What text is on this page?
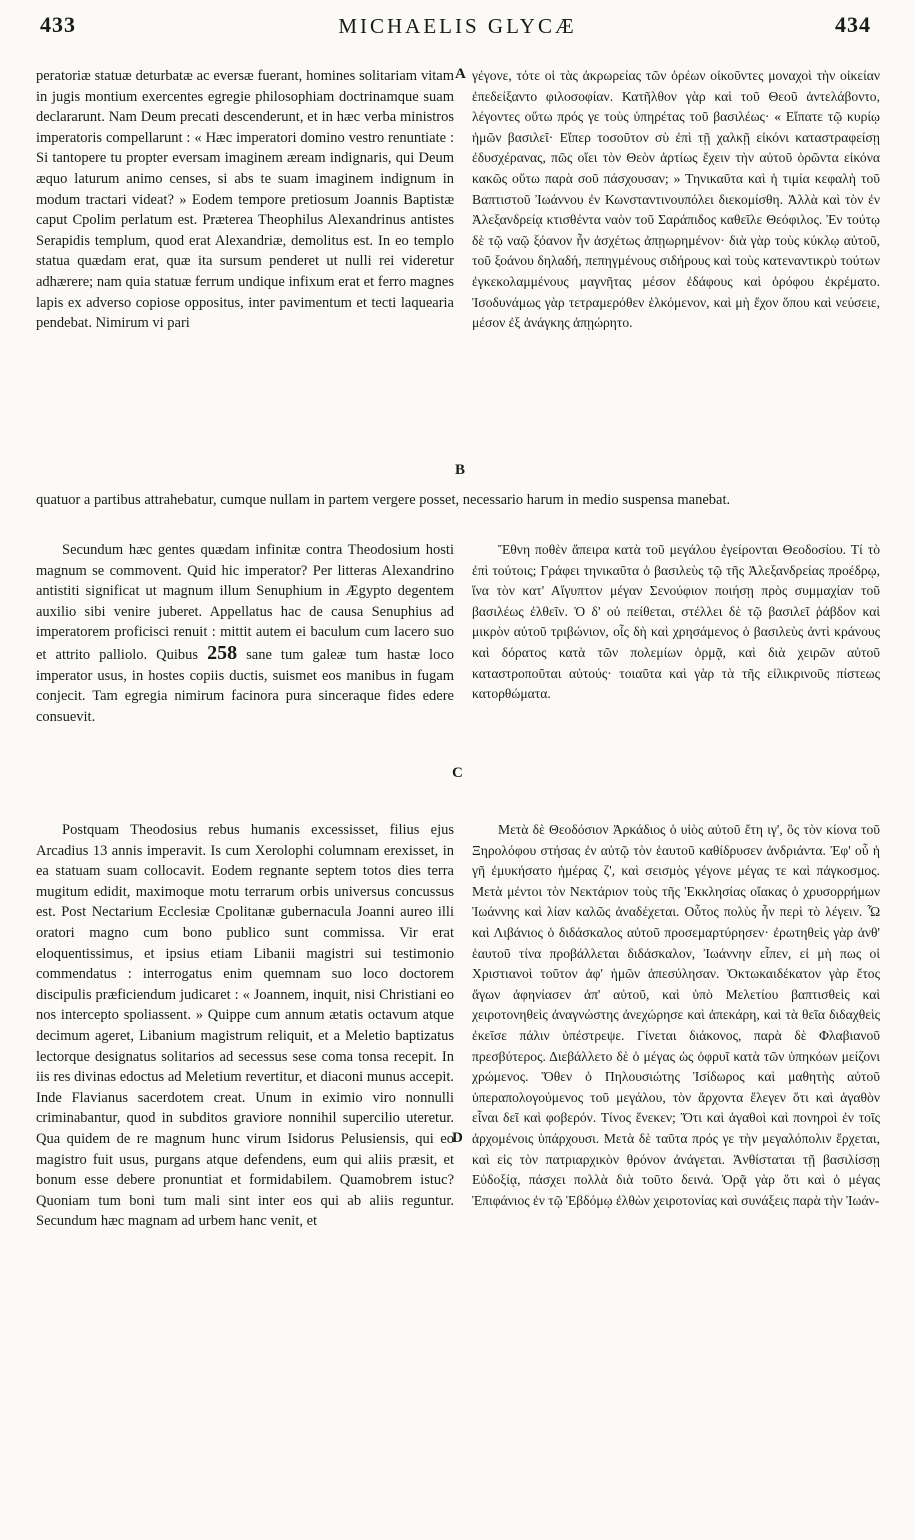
433	MICHAELIS GLYCÆ	434
A
B
C
D

peratoriæ statuæ deturbatæ ac eversæ fuerant, homines solitariam vitam in jugis montium exercentes egregie philosophiam doctrinamque suam declararunt. Nam Deum precati descenderunt, et in hæc verba ministros imperatoris compellarunt : « Hæc imperatori domino vestro renuntiate : Si tantopere tu propter eversam imaginem æream indignaris, qui Deum æquo laturum animo censes, si abs te suam imaginem indignum in modum tractari videat? » Eodem tempore pretiosum Joannis Baptistæ caput Cpolim perlatum est. Præterea Theophilus Alexandrinus antistes Serapidis templum, quod erat Alexandriæ, demolitus est. In eo templo statua quædam erat, quæ ita sursum penderet ut nulli rei videretur adhærere; nam quia statuæ ferrum undique infixum erat et ferro magnes lapis ex adverso copiose oppositus, inter pavimentum et tecti laquearia pendebat. Nimirum vi pari

γέγονε, τότε οἱ τὰς ἀκρωρείας τῶν ὀρέων οἰκοῦντες μοναχοὶ τὴν οἰκείαν ἐπεδείξαντο φιλοσοφίαν. Κατῆλθον γὰρ καὶ τοῦ Θεοῦ ἀντελάβοντο, λέγοντες οὕτω πρός γε τοὺς ὑπηρέτας τοῦ βασιλέως· « Εἴπατε τῷ κυρίῳ ἡμῶν βασιλεῖ· Εἴπερ τοσοῦτον σὺ ἐπὶ τῇ χαλκῇ εἰκόνι καταστραφείσῃ ἐδυσχέρανας, πῶς οἴει τὸν Θεὸν ἀρτίως ἔχειν τὴν αὐτοῦ ὁρῶντα εἰκόνα κακῶς οὕτω παρὰ σοῦ πάσχουσαν; » Τηνικαῦτα καὶ ἡ τιμία κεφαλὴ τοῦ Βαπτιστοῦ Ἰωάννου ἐν Κωνσταντινουπόλει διεκομίσθη. Ἀλλὰ καὶ τὸν ἐν Ἀλεξανδρείᾳ κτισθέντα ναὸν τοῦ Σαράπιδος καθεῖλε Θεόφιλος. Ἐν τούτῳ δὲ τῷ ναῷ ξόανον ἦν ἀσχέτως ἀπῃωρημένον· διὰ γὰρ τοὺς κύκλῳ αὐτοῦ, τοῦ ξοάνου δηλαδή, πεπηγμένους σιδήρους καὶ τοὺς κατεναντικρὺ τούτων ἐγκεκολαμμένους μαγνῆτας μέσον ἐδάφους καὶ ὀρόφου ἐκρέματο. Ἰσοδυνάμως γὰρ τετραμερόθεν ἑλκόμενον, καὶ μὴ ἔχον ὅπου καὶ νεύσειε, μέσον ἐξ ἀνάγκης ἀπῃώρητο.

quatuor a partibus attrahebatur, cumque nullam in partem vergere posset, necessario harum in medio suspensa manebat.

Secundum hæc gentes quædam infinitæ contra Theodosium hosti magnum se commovent. Quid hic imperator? Per litteras Alexandrino antistiti significat ut magnum illum Senuphium in Ægypto degentem auxilio sibi venire juberet. Appellatus hac de causa Senuphius ad imperatorem proficisci renuit : mittit autem ei baculum cum lacero suo et attrito palliolo. Quibus 258 sane tum galeæ tum hastæ loco imperator usus, in hostes copiis ductis, suismet eos manibus in fugam conjecit. Tam egregia nimirum facinora pura sinceraque fides edere consuevit.

Ἔθνη ποθὲν ἄπειρα κατὰ τοῦ μεγάλου ἐγείρονται Θεοδοσίου. Τί τὸ ἐπὶ τούτοις; Γράφει τηνικαῦτα ὁ βασιλεὺς τῷ τῆς Ἀλεξανδρείας προέδρῳ, ἵνα τὸν κατ' Αἴγυπτον μέγαν Σενούφιον ποιήσῃ πρὸς συμμαχίαν τοῦ βασιλέως ἐλθεῖν. Ὁ δ' οὐ πείθεται, στέλλει δὲ τῷ βασιλεῖ ῥάβδον καὶ μικρὸν αὐτοῦ τριβώνιον, οἷς δὴ καὶ χρησάμενος ὁ βασιλεὺς ἀντὶ κράνους καὶ δόρατος κατὰ τῶν πολεμίων ὁρμᾷ, καὶ διὰ χειρῶν αὐτοῦ καταστροποῦται αὐτούς· τοιαῦτα καὶ γὰρ τὰ τῆς εἰλικρινοῦς πίστεως κατορθώματα.

Postquam Theodosius rebus humanis excessisset, filius ejus Arcadius 13 annis imperavit. Is cum Xerolophi columnam erexisset, in ea statuam suam collocavit. Eodem regnante septem totos dies terra mugitum edidit, maximoque motu terrarum orbis universus concussus est. Post Nectarium Ecclesiæ Cpolitanæ gubernacula Joanni aureo illi oratori magno cum bono publico sunt commissa. Vir erat eloquentissimus, et ipsius etiam Libanii magistri sui testimonio commendatus : interrogatus enim quemnam suo loco doctorem discipulis præficiendum judicaret : « Joannem, inquit, nisi Christiani eo nos intercepto spoliassent. » Quippe cum annum ætatis octavum atque decimum ageret, Libanium magistrum reliquit, et a Meletio baptizatus lectorque designatus solitarios ad secessus sese coma tonsa recepit. In iis res divinas edoctus ad Meletium revertitur, et diaconi munus accepit. Inde Flavianus sacerdotem creat. Unum in eximio viro nonnulli criminabantur, quod in subditos graviore nonnihil supercilio uteretur. Qua quidem de re magnum hunc virum Isidorus Pelusiensis, qui eo magistro fuit usus, purgans atque defendens, eum qui aliis præsit, et bonum esse debere pronuntiat et formidabilem. Quamobrem istuc? Quoniam tum boni tum mali sint inter eos qui ab aliis reguntur. Secundum hæc magnam ad urbem hanc venit, et

Μετὰ δὲ Θεοδόσιον Ἀρκάδιος ὁ υἱὸς αὐτοῦ ἔτη ιγ', ὃς τὸν κίονα τοῦ Ξηρολόφου στήσας ἐν αὐτῷ τὸν ἑαυτοῦ καθίδρυσεν ἀνδριάντα. Ἐφ' οὗ ἡ γῆ ἐμυκήσατο ἡμέρας ζ', καὶ σεισμὸς γέγονε μέγας τε καὶ πάγκοσμος. Μετὰ μέντοι τὸν Νεκτάριον τοὺς τῆς Ἐκκλησίας οἴακας ὁ χρυσορρήμων Ἰωάννης καὶ λίαν καλῶς ἀναδέχεται. Οὗτος πολὺς ἦν περὶ τὸ λέγειν. Ὧ καὶ Λιβάνιος ὁ διδάσκαλος αὐτοῦ προσεμαρτύρησεν· ἐρωτηθεὶς γὰρ ἀνθ' ἑαυτοῦ τίνα προβάλλεται διδάσκαλον, Ἰωάννην εἶπεν, εἰ μὴ πως οἱ Χριστιανοὶ τοῦτον ἀφ' ἡμῶν ἀπεσύλησαν. Ὀκτωκαιδέκατον γὰρ ἔτος ἄγων ἀφηνίασεν ἀπ' αὐτοῦ, καὶ ὑπὸ Μελετίου βαπτισθεὶς καὶ χειροτονηθεὶς ἀναγνώστης ἀνεχώρησε καὶ ἀπεκάρη, καὶ τὰ θεῖα διδαχθεὶς ἐκεῖσε πάλιν ὑπέστρεψε. Γίνεται διάκονος, παρὰ δὲ Φλαβιανοῦ πρεσβύτερος. Διεβάλλετο δὲ ὁ μέγας ὡς ὀφρυῖ κατὰ τῶν ὑπηκόων μείζονι χρώμενος. Ὅθεν ὁ Πηλουσιώτης Ἰσίδωρος καὶ μαθητὴς αὐτοῦ ὑπεραπολογούμενος τοῦ μεγάλου, τὸν ἄρχοντα ἔλεγεν ὅτι καὶ ἀγαθὸν εἶναι δεῖ καὶ φοβερόν. Τίνος ἕνεκεν; Ὅτι καὶ ἀγαθοὶ καὶ πονηροὶ ἐν τοῖς ἀρχομένοις ὑπάρχουσι. Μετὰ δὲ ταῦτα πρός γε τὴν μεγαλόπολιν ἔρχεται, καὶ εἰς τὸν πατριαρχικὸν θρόνον ἀνάγεται. Ἀνθίσταται τῇ βασιλίσσῃ Εὐδοξίᾳ, πάσχει πολλὰ διὰ τοῦτο δεινά. Ὁρᾷ γὰρ ὅτι καὶ ὁ μέγας Ἐπιφάνιος ἐν τῷ Ἑβδόμῳ ἐλθὼν χειροτονίας καὶ συνάξεις παρὰ τὴν Ἰωάν-
